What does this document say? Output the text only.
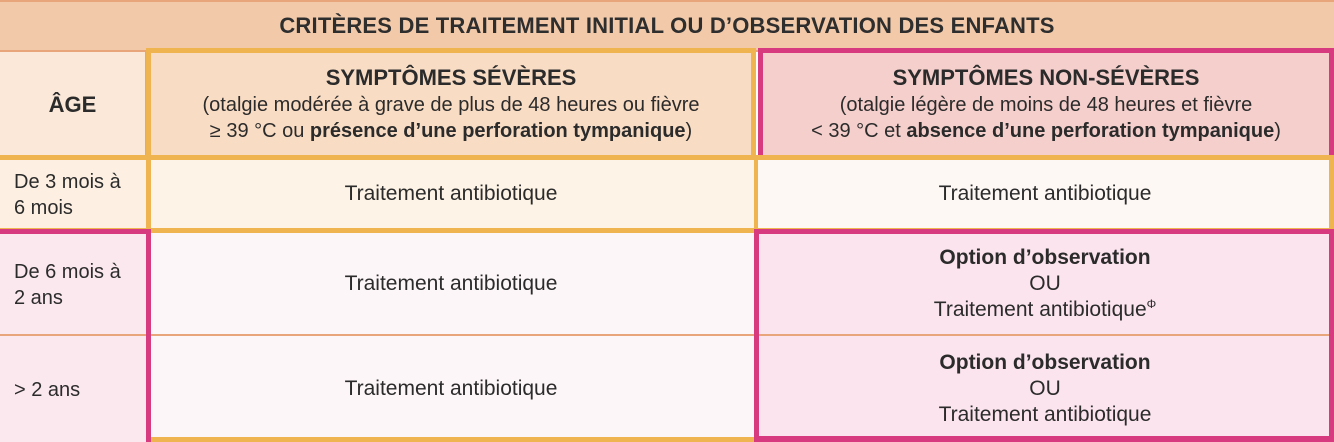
CRITÈRES DE TRAITEMENT INITIAL OU D’OBSERVATION DES ENFANTS
ÂGE
SYMPTÔMES SÉVÈRES
(otalgie modérée à grave de plus de 48 heures ou fièvre
≥ 39 °C ou présence d’une perforation tympanique)
SYMPTÔMES NON-SÉVÈRES
(otalgie légère de moins de 48 heures et fièvre
< 39 °C et absence d’une perforation tympanique)
De 3 mois à
6 mois
Traitement antibiotique	Traitement antibiotique
De 6 mois à
2 ans
Traitement antibiotique
Option d’observation
OU
Traitement antibiotique$^\Phi$
> 2 ans	Traitement antibiotique
Option d’observation
OU
Traitement antibiotique
